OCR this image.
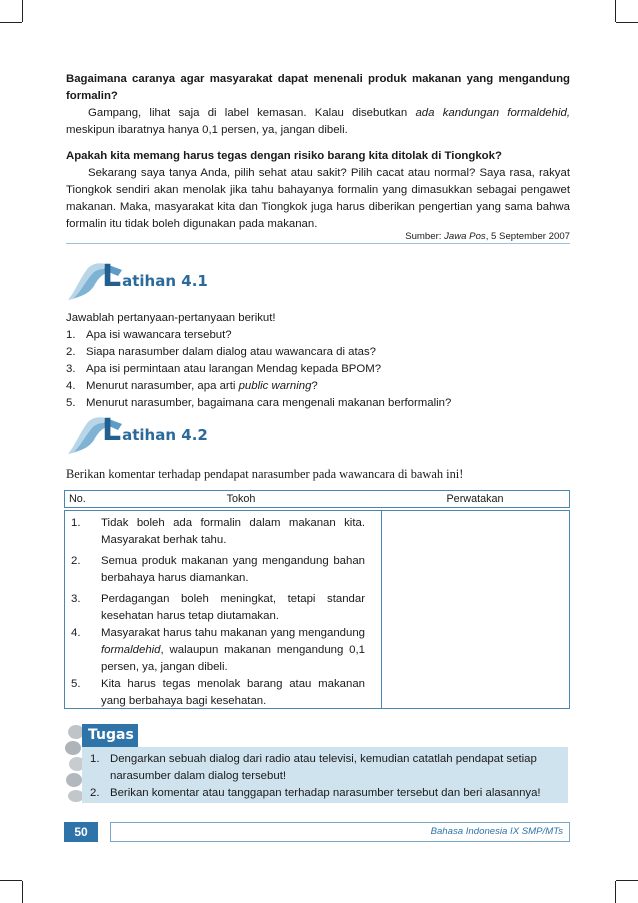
Bagaimana caranya agar masyarakat dapat menenali produk makanan yang mengandung formalin?
Gampang, lihat saja di label kemasan. Kalau disebutkan ada kandungan formaldehid, meskipun ibaratnya hanya 0,1 persen, ya, jangan dibeli.
Apakah kita memang harus tegas dengan risiko barang kita ditolak di Tiongkok?
Sekarang saya tanya Anda, pilih sehat atau sakit? Pilih cacat atau normal? Saya rasa, rakyat Tiongkok sendiri akan menolak jika tahu bahayanya formalin yang dimasukkan sebagai pengawet makanan. Maka, masyarakat kita dan Tiongkok juga harus diberikan pengertian yang sama bahwa formalin itu tidak boleh digunakan pada makanan.
Sumber: Jawa Pos, 5 September 2007
Latihan 4.1
Jawablah pertanyaan-pertanyaan berikut!
1. Apa isi wawancara tersebut?
2. Siapa narasumber dalam dialog atau wawancara di atas?
3. Apa isi permintaan atau larangan Mendag kepada BPOM?
4. Menurut narasumber, apa arti public warning?
5. Menurut narasumber, bagaimana cara mengenali makanan berformalin?
Latihan 4.2
Berikan komentar terhadap pendapat narasumber pada wawancara di bawah ini!
No.	Tokoh	Perwatakan
1.	Tidak boleh ada formalin dalam makanan kita. Masyarakat berhak tahu.
2.	Semua produk makanan yang mengandung bahan berbahaya harus diamankan.
3.	Perdagangan boleh meningkat, tetapi standar kesehatan harus tetap diutamakan.
4.	Masyarakat harus tahu makanan yang mengandung formaldehid, walaupun makanan mengandung 0,1 persen, ya, jangan dibeli.
5.	Kita harus tegas menolak barang atau makanan yang berbahaya bagi kesehatan.
Tugas
1. Dengarkan sebuah dialog dari radio atau televisi, kemudian catatlah pendapat setiap narasumber dalam dialog tersebut!
2. Berikan komentar atau tanggapan terhadap narasumber tersebut dan beri alasannya!
50	Bahasa Indonesia IX SMP/MTs
